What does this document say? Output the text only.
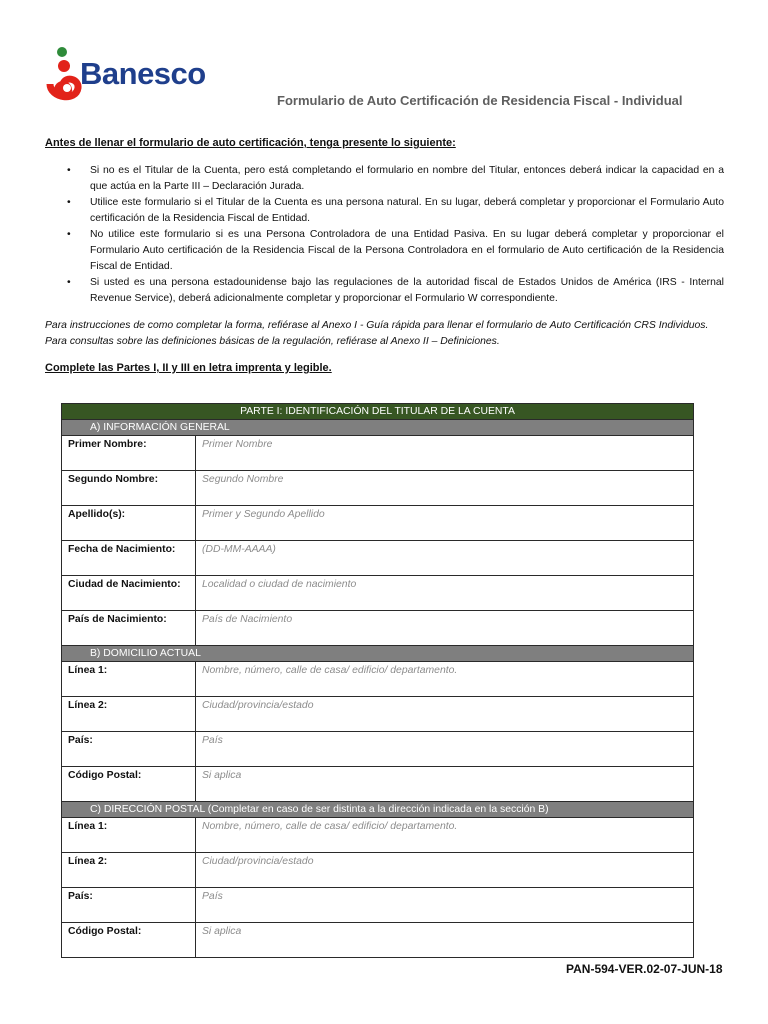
Banesco
Formulario de Auto Certificación de Residencia Fiscal - Individual
Antes de llenar el formulario de auto certificación, tenga presente lo siguiente:
• Si no es el Titular de la Cuenta, pero está completando el formulario en nombre del Titular, entonces deberá indicar la capacidad en a que actúa en la Parte III – Declaración Jurada.
• Utilice este formulario si el Titular de la Cuenta es una persona natural. En su lugar, deberá completar y proporcionar el Formulario Auto certificación de la Residencia Fiscal de Entidad.
• No utilice este formulario si es una Persona Controladora de una Entidad Pasiva. En su lugar deberá completar y proporcionar el Formulario Auto certificación de la Residencia Fiscal de la Persona Controladora en el formulario de Auto certificación de la Residencia Fiscal de Entidad.
• Si usted es una persona estadounidense bajo las regulaciones de la autoridad fiscal de Estados Unidos de América (IRS - Internal Revenue Service), deberá adicionalmente completar y proporcionar el Formulario W correspondiente.
Para instrucciones de como completar la forma, refiérase al Anexo I - Guía rápida para llenar el formulario de Auto Certificación CRS Individuos. Para consultas sobre las definiciones básicas de la regulación, refiérase al Anexo II – Definiciones.
Complete las Partes I, II y III en letra imprenta y legible.
PARTE I: IDENTIFICACIÓN DEL TITULAR DE LA CUENTA	
A) INFORMACIÓN GENERAL	
Primer Nombre:	Primer Nombre
Segundo Nombre:	Segundo Nombre
Apellido(s):	Primer y Segundo Apellido
Fecha de Nacimiento:	(DD-MM-AAAA)
Ciudad de Nacimiento:	Localidad o ciudad de nacimiento
País de Nacimiento:	País de Nacimiento
B) DOMICILIO ACTUAL	
Línea 1:	Nombre, número, calle de casa/ edificio/ departamento.
Línea 2:	Ciudad/provincia/estado
País:	País
Código Postal:	Si aplica
C) DIRECCIÓN POSTAL (Completar en caso de ser distinta a la dirección indicada en la sección B)	
Línea 1:	Nombre, número, calle de casa/ edificio/ departamento.
Línea 2:	Ciudad/provincia/estado
País:	País
Código Postal:	Si aplica
PAN-594-VER.02-07-JUN-18
